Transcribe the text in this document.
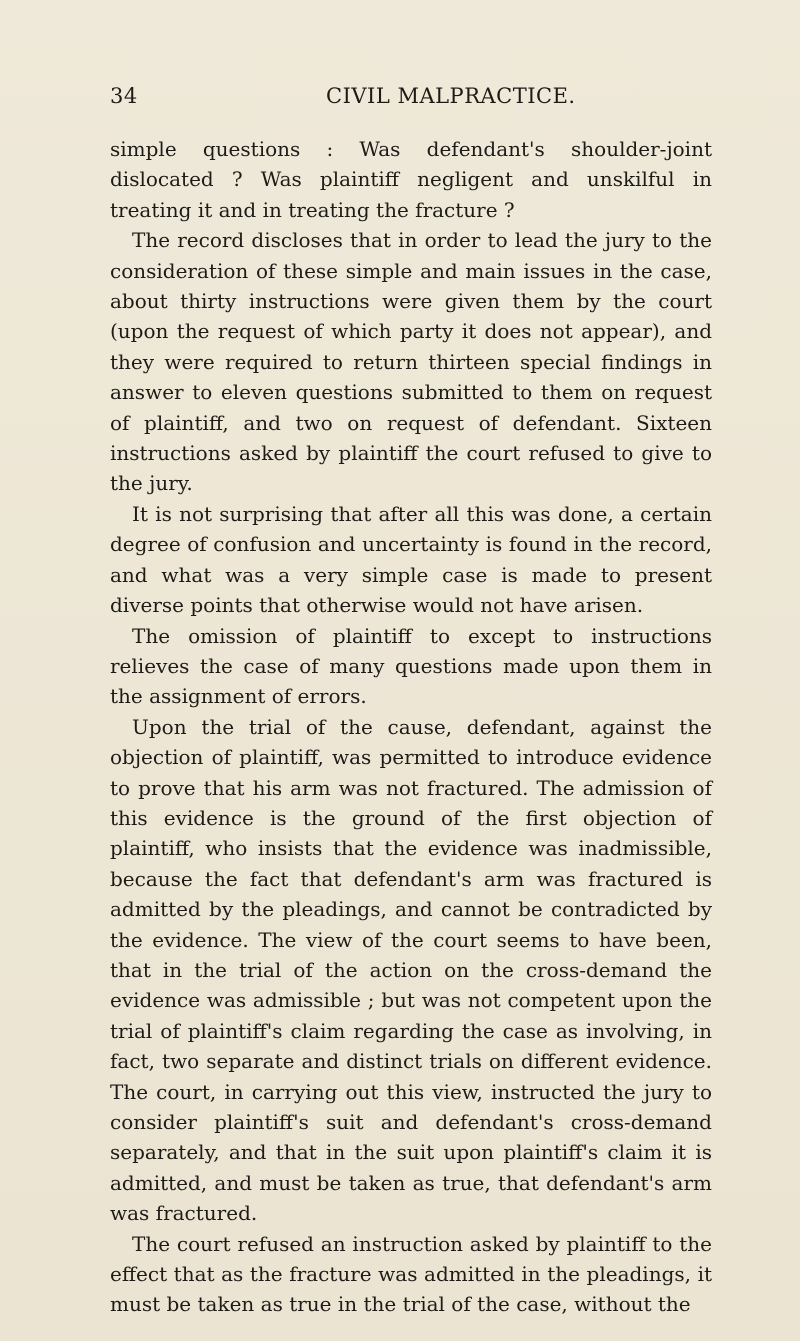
34	CIVIL MALPRACTICE.

simple questions : Was defendant's shoulder-joint dislocated ? Was plaintiff negligent and unskilful in treating it and in treating the fracture ?

The record discloses that in order to lead the jury to the consideration of these simple and main issues in the case, about thirty instructions were given them by the court (upon the request of which party it does not appear), and they were required to return thirteen special findings in answer to eleven questions submitted to them on request of plaintiff, and two on request of defendant. Sixteen instructions asked by plaintiff the court refused to give to the jury.

It is not surprising that after all this was done, a certain degree of confusion and uncertainty is found in the record, and what was a very simple case is made to present diverse points that otherwise would not have arisen.

The omission of plaintiff to except to instructions relieves the case of many questions made upon them in the assignment of errors.

Upon the trial of the cause, defendant, against the objection of plaintiff, was permitted to introduce evidence to prove that his arm was not fractured. The admission of this evidence is the ground of the first objection of plaintiff, who insists that the evidence was inadmissible, because the fact that defendant's arm was fractured is admitted by the pleadings, and cannot be contradicted by the evidence. The view of the court seems to have been, that in the trial of the action on the cross-demand the evidence was admissible ; but was not competent upon the trial of plaintiff's claim regarding the case as involving, in fact, two separate and distinct trials on different evidence. The court, in carrying out this view, instructed the jury to consider plaintiff's suit and defendant's cross-demand separately, and that in the suit upon plaintiff's claim it is admitted, and must be taken as true, that defendant's arm was fractured.

The court refused an instruction asked by plaintiff to the effect that as the fracture was admitted in the pleadings, it must be taken as true in the trial of the case, without the
